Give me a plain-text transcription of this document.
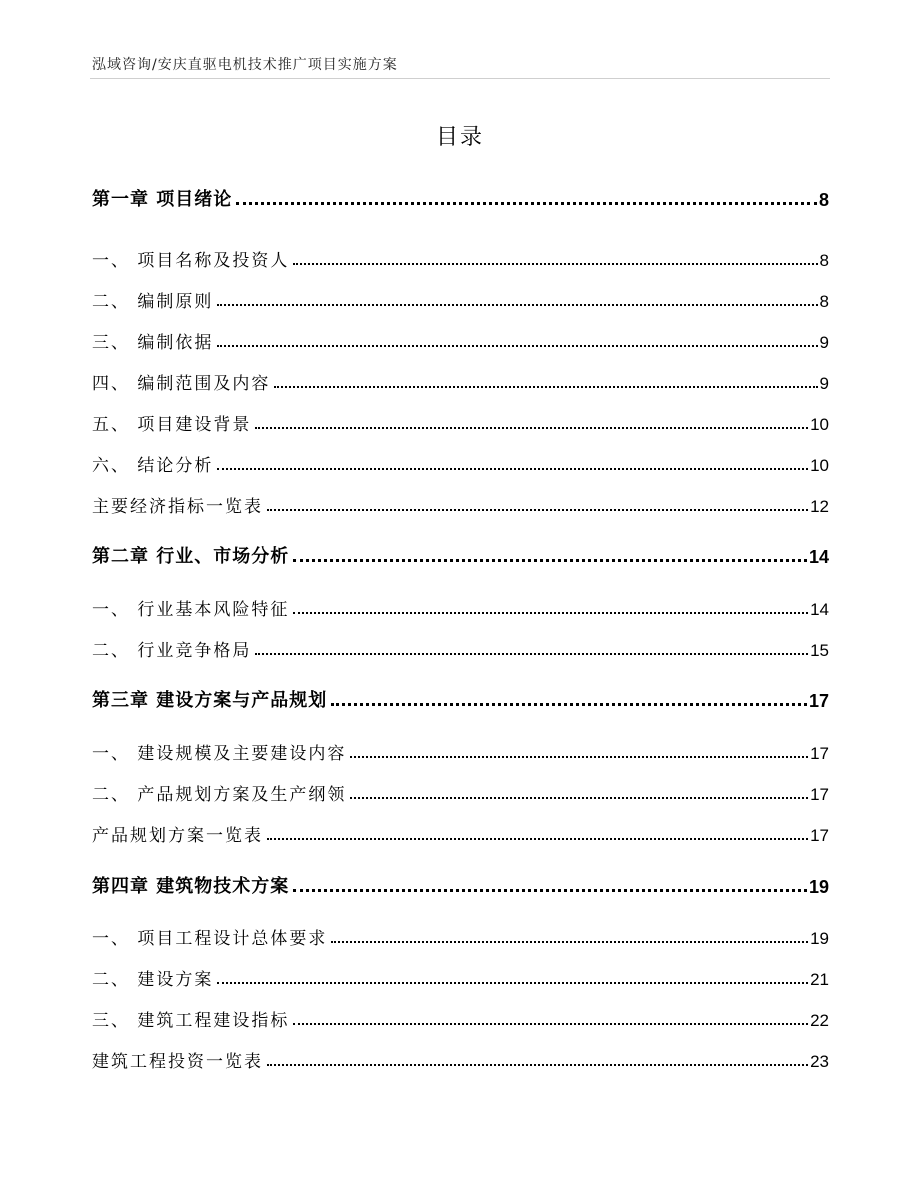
泓域咨询/安庆直驱电机技术推广项目实施方案
目录
第一章 项目绪论	8
一、 项目名称及投资人	8
二、 编制原则	8
三、 编制依据	9
四、 编制范围及内容	9
五、 项目建设背景	10
六、 结论分析	10
主要经济指标一览表	12
第二章 行业、市场分析	14
一、 行业基本风险特征	14
二、 行业竞争格局	15
第三章 建设方案与产品规划	17
一、 建设规模及主要建设内容	17
二、 产品规划方案及生产纲领	17
产品规划方案一览表	17
第四章 建筑物技术方案	19
一、 项目工程设计总体要求	19
二、 建设方案	21
三、 建筑工程建设指标	22
建筑工程投资一览表	23
